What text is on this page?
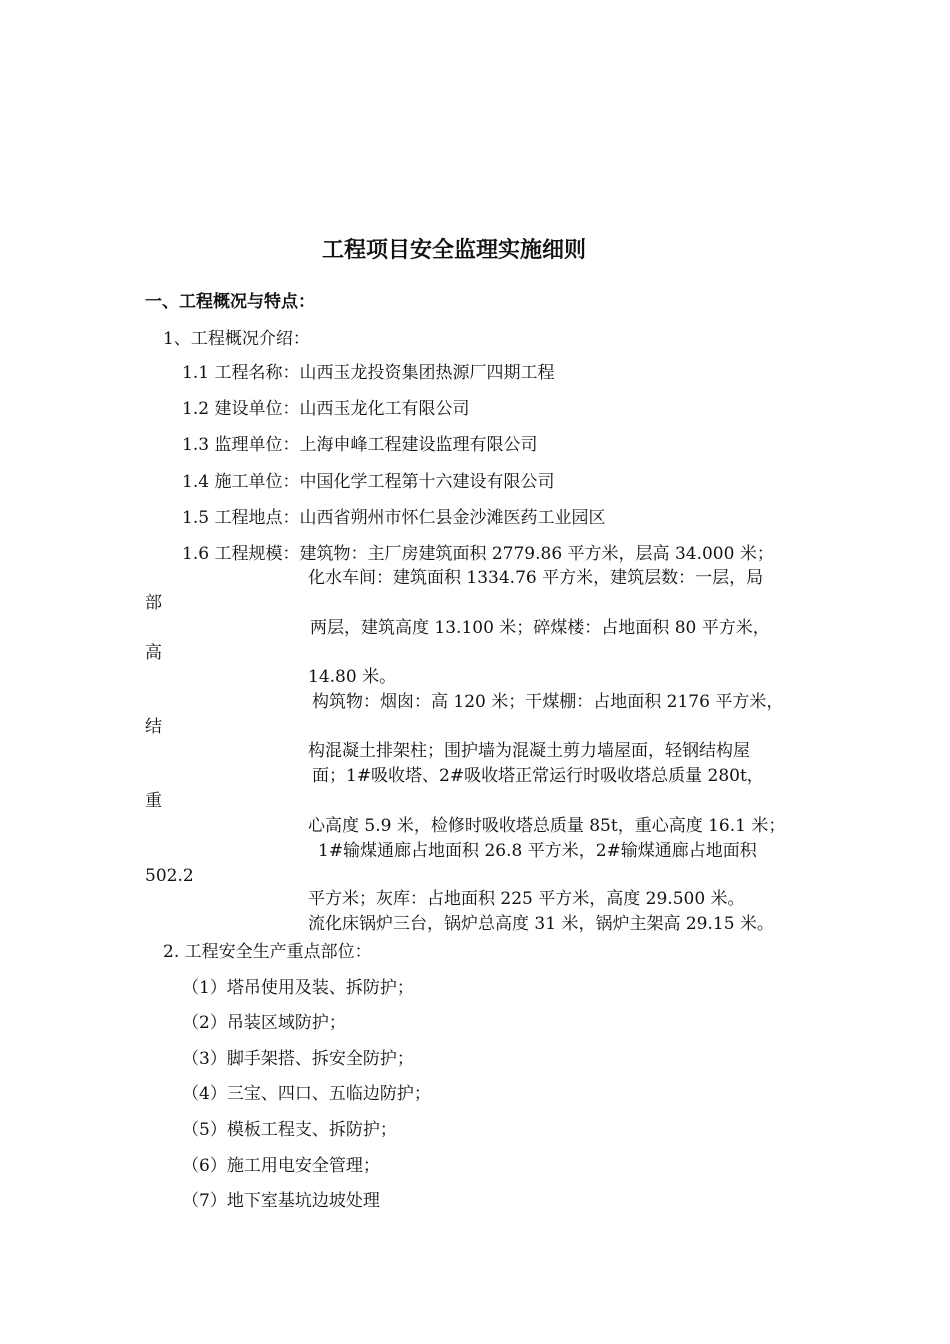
工程项目安全监理实施细则
一、工程概况与特点：
1、工程概况介绍：
1.1 工程名称：山西玉龙投资集团热源厂四期工程
1.2 建设单位：山西玉龙化工有限公司
1.3 监理单位：上海申峰工程建设监理有限公司
1.4 施工单位：中国化学工程第十六建设有限公司
1.5 工程地点：山西省朔州市怀仁县金沙滩医药工业园区
1.6 工程规模：建筑物：主厂房建筑面积 2779.86 平方米，层高 34.000 米；
化水车间：建筑面积 1334.76 平方米，建筑层数：一层，局
部
两层，建筑高度 13.100 米；碎煤楼：占地面积 80 平方米，
高
14.80 米。
构筑物：烟囱：高 120 米；干煤棚：占地面积 2176 平方米，
结
构混凝土排架柱；围护墙为混凝土剪力墙屋面，轻钢结构屋
面；1#吸收塔、2#吸收塔正常运行时吸收塔总质量 280t，
重
心高度 5.9 米，检修时吸收塔总质量 85t，重心高度 16.1 米；
1#输煤通廊占地面积 26.8 平方米，2#输煤通廊占地面积
502.2
平方米；灰库：占地面积 225 平方米，高度 29.500 米。
流化床锅炉三台，锅炉总高度 31 米，锅炉主架高 29.15 米。
2. 工程安全生产重点部位：
（1）塔吊使用及装、拆防护；
（2）吊装区域防护；
（3）脚手架搭、拆安全防护；
（4）三宝、四口、五临边防护；
（5）模板工程支、拆防护；
（6）施工用电安全管理；
（7）地下室基坑边坡处理
